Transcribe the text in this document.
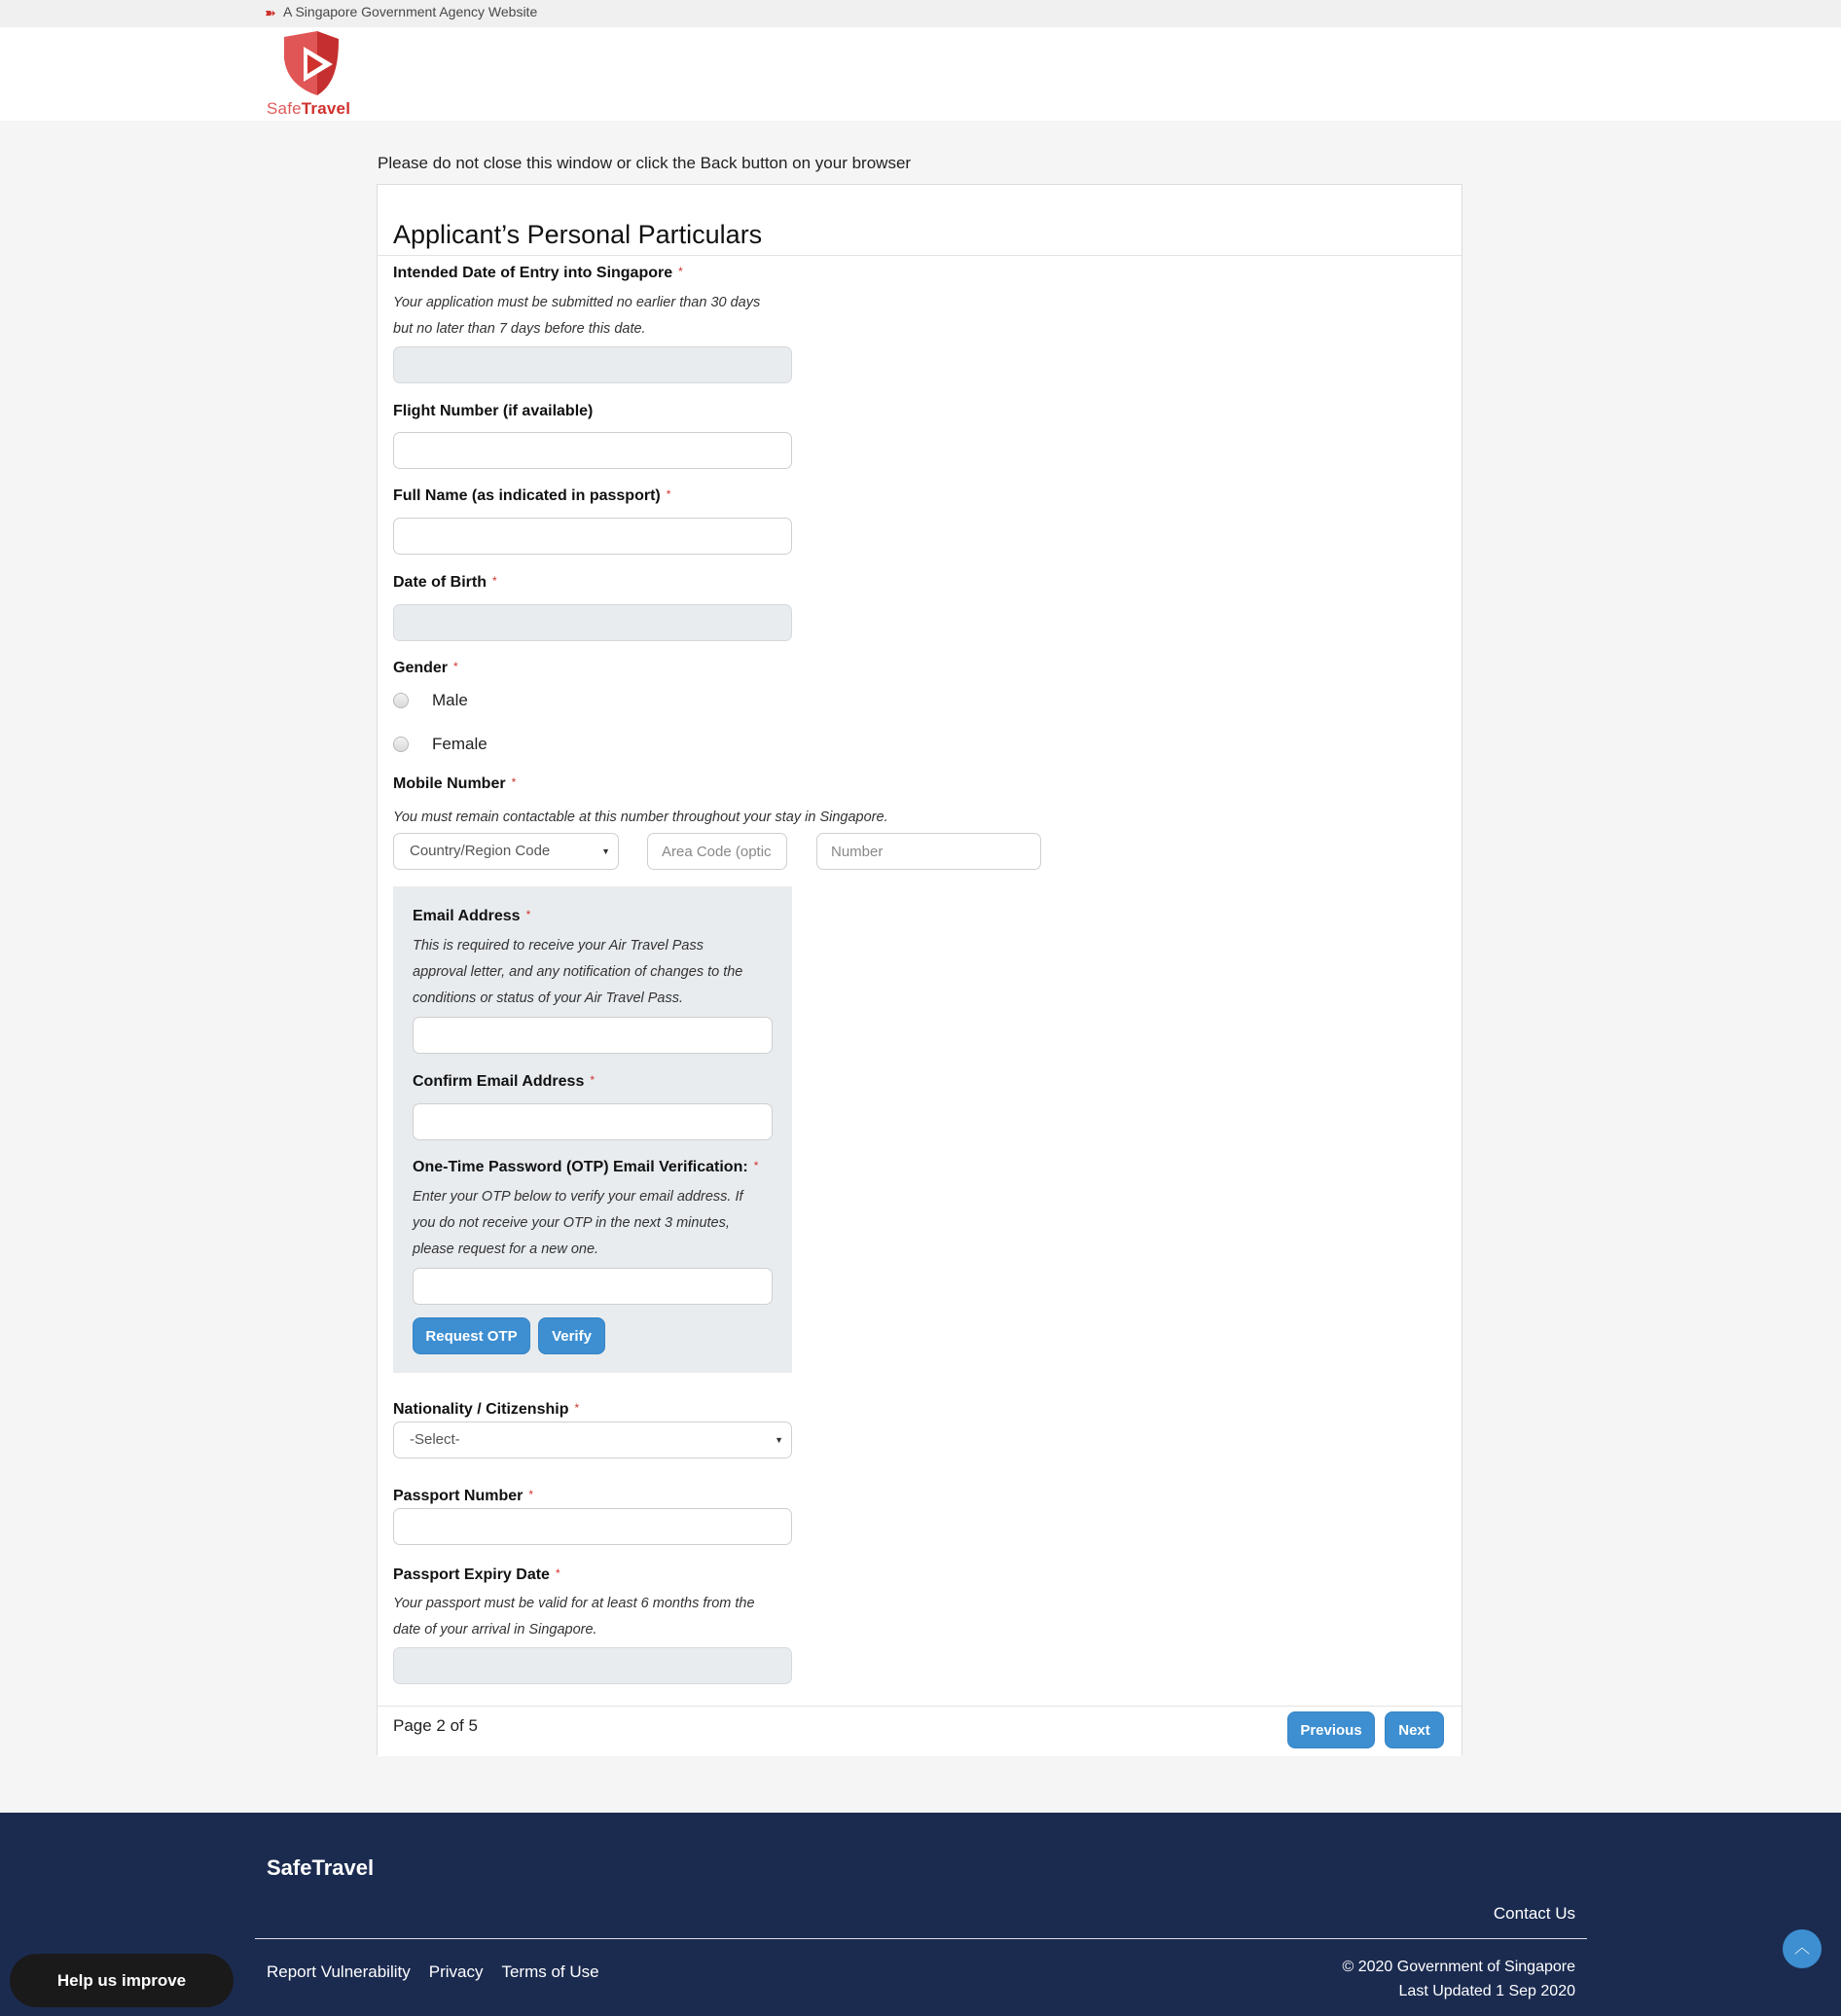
➽ A Singapore Government Agency Website
SafeTravel
Please do not close this window or click the Back button on your browser
Applicant’s Personal Particulars
Intended Date of Entry into Singapore *
Your application must be submitted no earlier than 30 days
but no later than 7 days before this date.
Flight Number (if available)
Full Name (as indicated in passport) *
Date of Birth *
Gender *
Male
Female
Mobile Number *
You must remain contactable at this number throughout your stay in Singapore.
Country/Region Code	▼
Area Code (optic
Number
Email Address *
This is required to receive your Air Travel Pass
approval letter, and any notification of changes to the
conditions or status of your Air Travel Pass.
Confirm Email Address *
One-Time Password (OTP) Email Verification: *
Enter your OTP below to verify your email address. If
you do not receive your OTP in the next 3 minutes,
please request for a new one.
Request OTP	Verify
Nationality / Citizenship *
-Select-	▼
Passport Number *
Passport Expiry Date *
Your passport must be valid for at least 6 months from the
date of your arrival in Singapore.
Page 2 of 5	Previous	Next
SafeTravel
Contact Us
Report Vulnerability Privacy Terms of Use	© 2020 Government of Singapore
Last Updated 1 Sep 2020
Help us improve
︿
